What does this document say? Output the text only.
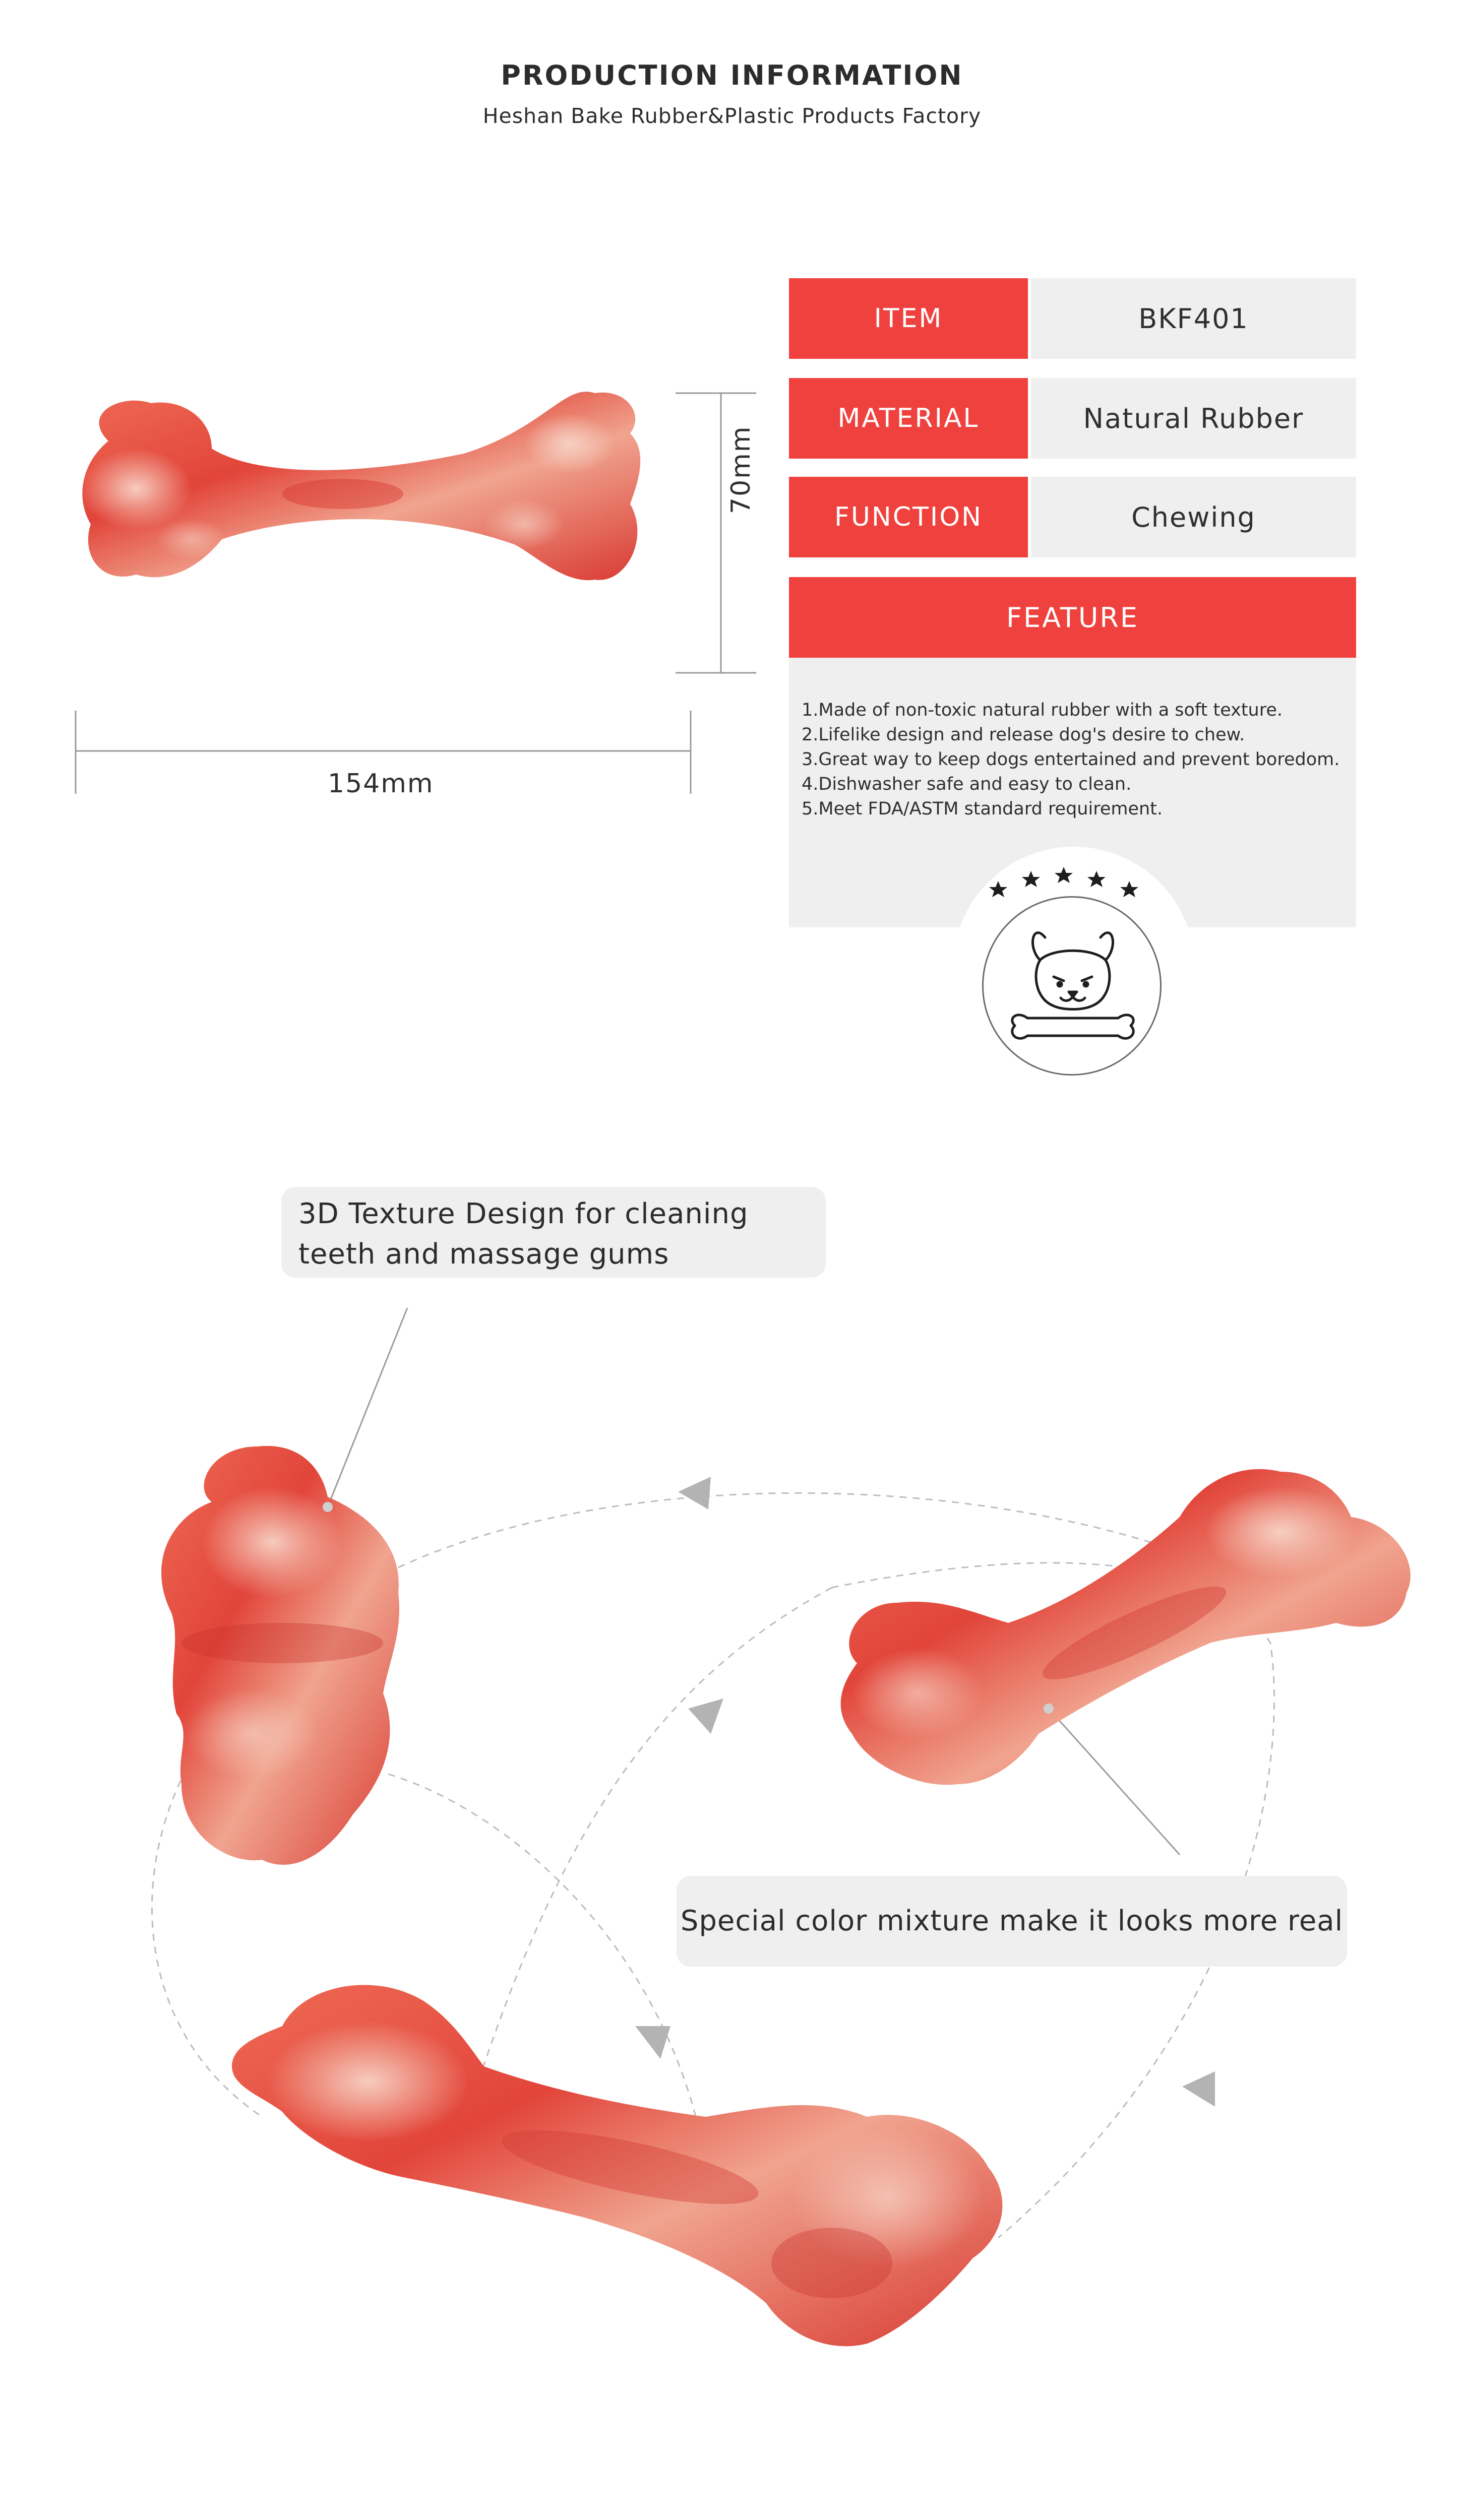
PRODUCTION INFORMATION
Heshan Bake Rubber&Plastic Products Factory
70mm
154mm
ITEM	BKF401
MATERIAL	Natural Rubber
FUNCTION	Chewing
FEATURE
1.Made of non-toxic natural rubber with a soft texture.
2.Lifelike design and release dog's desire to chew.
3.Great way to keep dogs entertained and prevent boredom.
4.Dishwasher safe and easy to clean.
5.Meet FDA/ASTM standard requirement.
3D Texture Design for cleaning teeth and massage gums
Special color mixture make it looks more real
